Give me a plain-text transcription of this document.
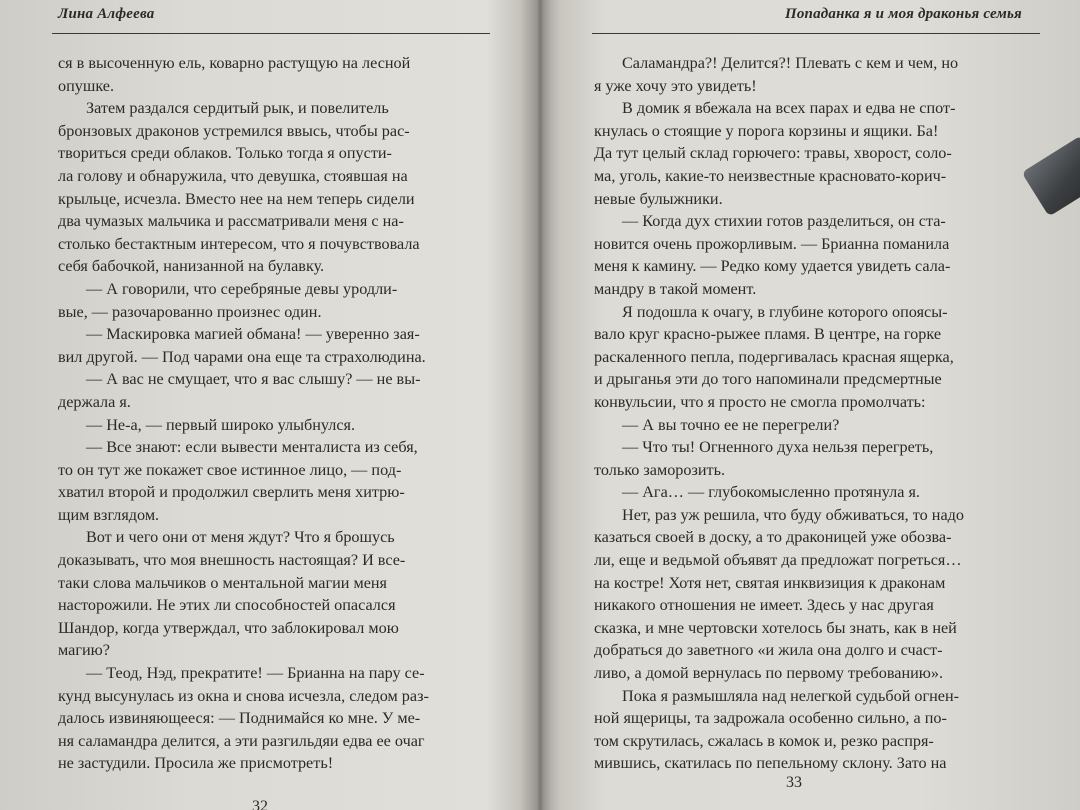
Лина Алфеева
ся в высоченную ель, коварно растущую на лесной
опушке.
Затем раздался сердитый рык, и повелитель
бронзовых драконов устремился ввысь, чтобы рас-
твориться среди облаков. Только тогда я опусти-
ла голову и обнаружила, что девушка, стоявшая на
крыльце, исчезла. Вместо нее на нем теперь сидели
два чумазых мальчика и рассматривали меня с на-
столько бестактным интересом, что я почувствовала
себя бабочкой, нанизанной на булавку.
— А говорили, что серебряные девы уродли-
вые, — разочарованно произнес один.
— Маскировка магией обмана! — уверенно зая-
вил другой. — Под чарами она еще та страхолюдина.
— А вас не смущает, что я вас слышу? — не вы-
держала я.
— Не-а, — первый широко улыбнулся.
— Все знают: если вывести менталиста из себя,
то он тут же покажет свое истинное лицо, — под-
хватил второй и продолжил сверлить меня хитрю-
щим взглядом.
Вот и чего они от меня ждут? Что я брошусь
доказывать, что моя внешность настоящая? И все-
таки слова мальчиков о ментальной магии меня
насторожили. Не этих ли способностей опасался
Шандор, когда утверждал, что заблокировал мою
магию?
— Теод, Нэд, прекратите! — Брианна на пару се-
кунд высунулась из окна и снова исчезла, следом раз-
далось извиняющееся: — Поднимайся ко мне. У ме-
ня саламандра делится, а эти разгильдяи едва ее очаг
не застудили. Просила же присмотреть!
32
Попаданка я и моя драконья семья
Саламандра?! Делится?! Плевать с кем и чем, но
я уже хочу это увидеть!
В домик я вбежала на всех парах и едва не спот-
кнулась о стоящие у порога корзины и ящики. Ба!
Да тут целый склад горючего: травы, хворост, соло-
ма, уголь, какие-то неизвестные красновато-корич-
невые булыжники.
— Когда дух стихии готов разделиться, он ста-
новится очень прожорливым. — Брианна поманила
меня к камину. — Редко кому удается увидеть сала-
мандру в такой момент.
Я подошла к очагу, в глубине которого опоясы-
вало круг красно-рыжее пламя. В центре, на горке
раскаленного пепла, подергивалась красная ящерка,
и дрыганья эти до того напоминали предсмертные
конвульсии, что я просто не смогла промолчать:
— А вы точно ее не перегрели?
— Что ты! Огненного духа нельзя перегреть,
только заморозить.
— Ага… — глубокомысленно протянула я.
Нет, раз уж решила, что буду обживаться, то надо
казаться своей в доску, а то драконицей уже обозва-
ли, еще и ведьмой объявят да предложат погреться…
на костре! Хотя нет, святая инквизиция к драконам
никакого отношения не имеет. Здесь у нас другая
сказка, и мне чертовски хотелось бы знать, как в ней
добраться до заветного «и жила она долго и счаст-
ливо, а домой вернулась по первому требованию».
Пока я размышляла над нелегкой судьбой огнен-
ной ящерицы, та задрожала особенно сильно, а по-
том скрутилась, сжалась в комок и, резко распря-
мившись, скатилась по пепельному склону. Зато на
33
